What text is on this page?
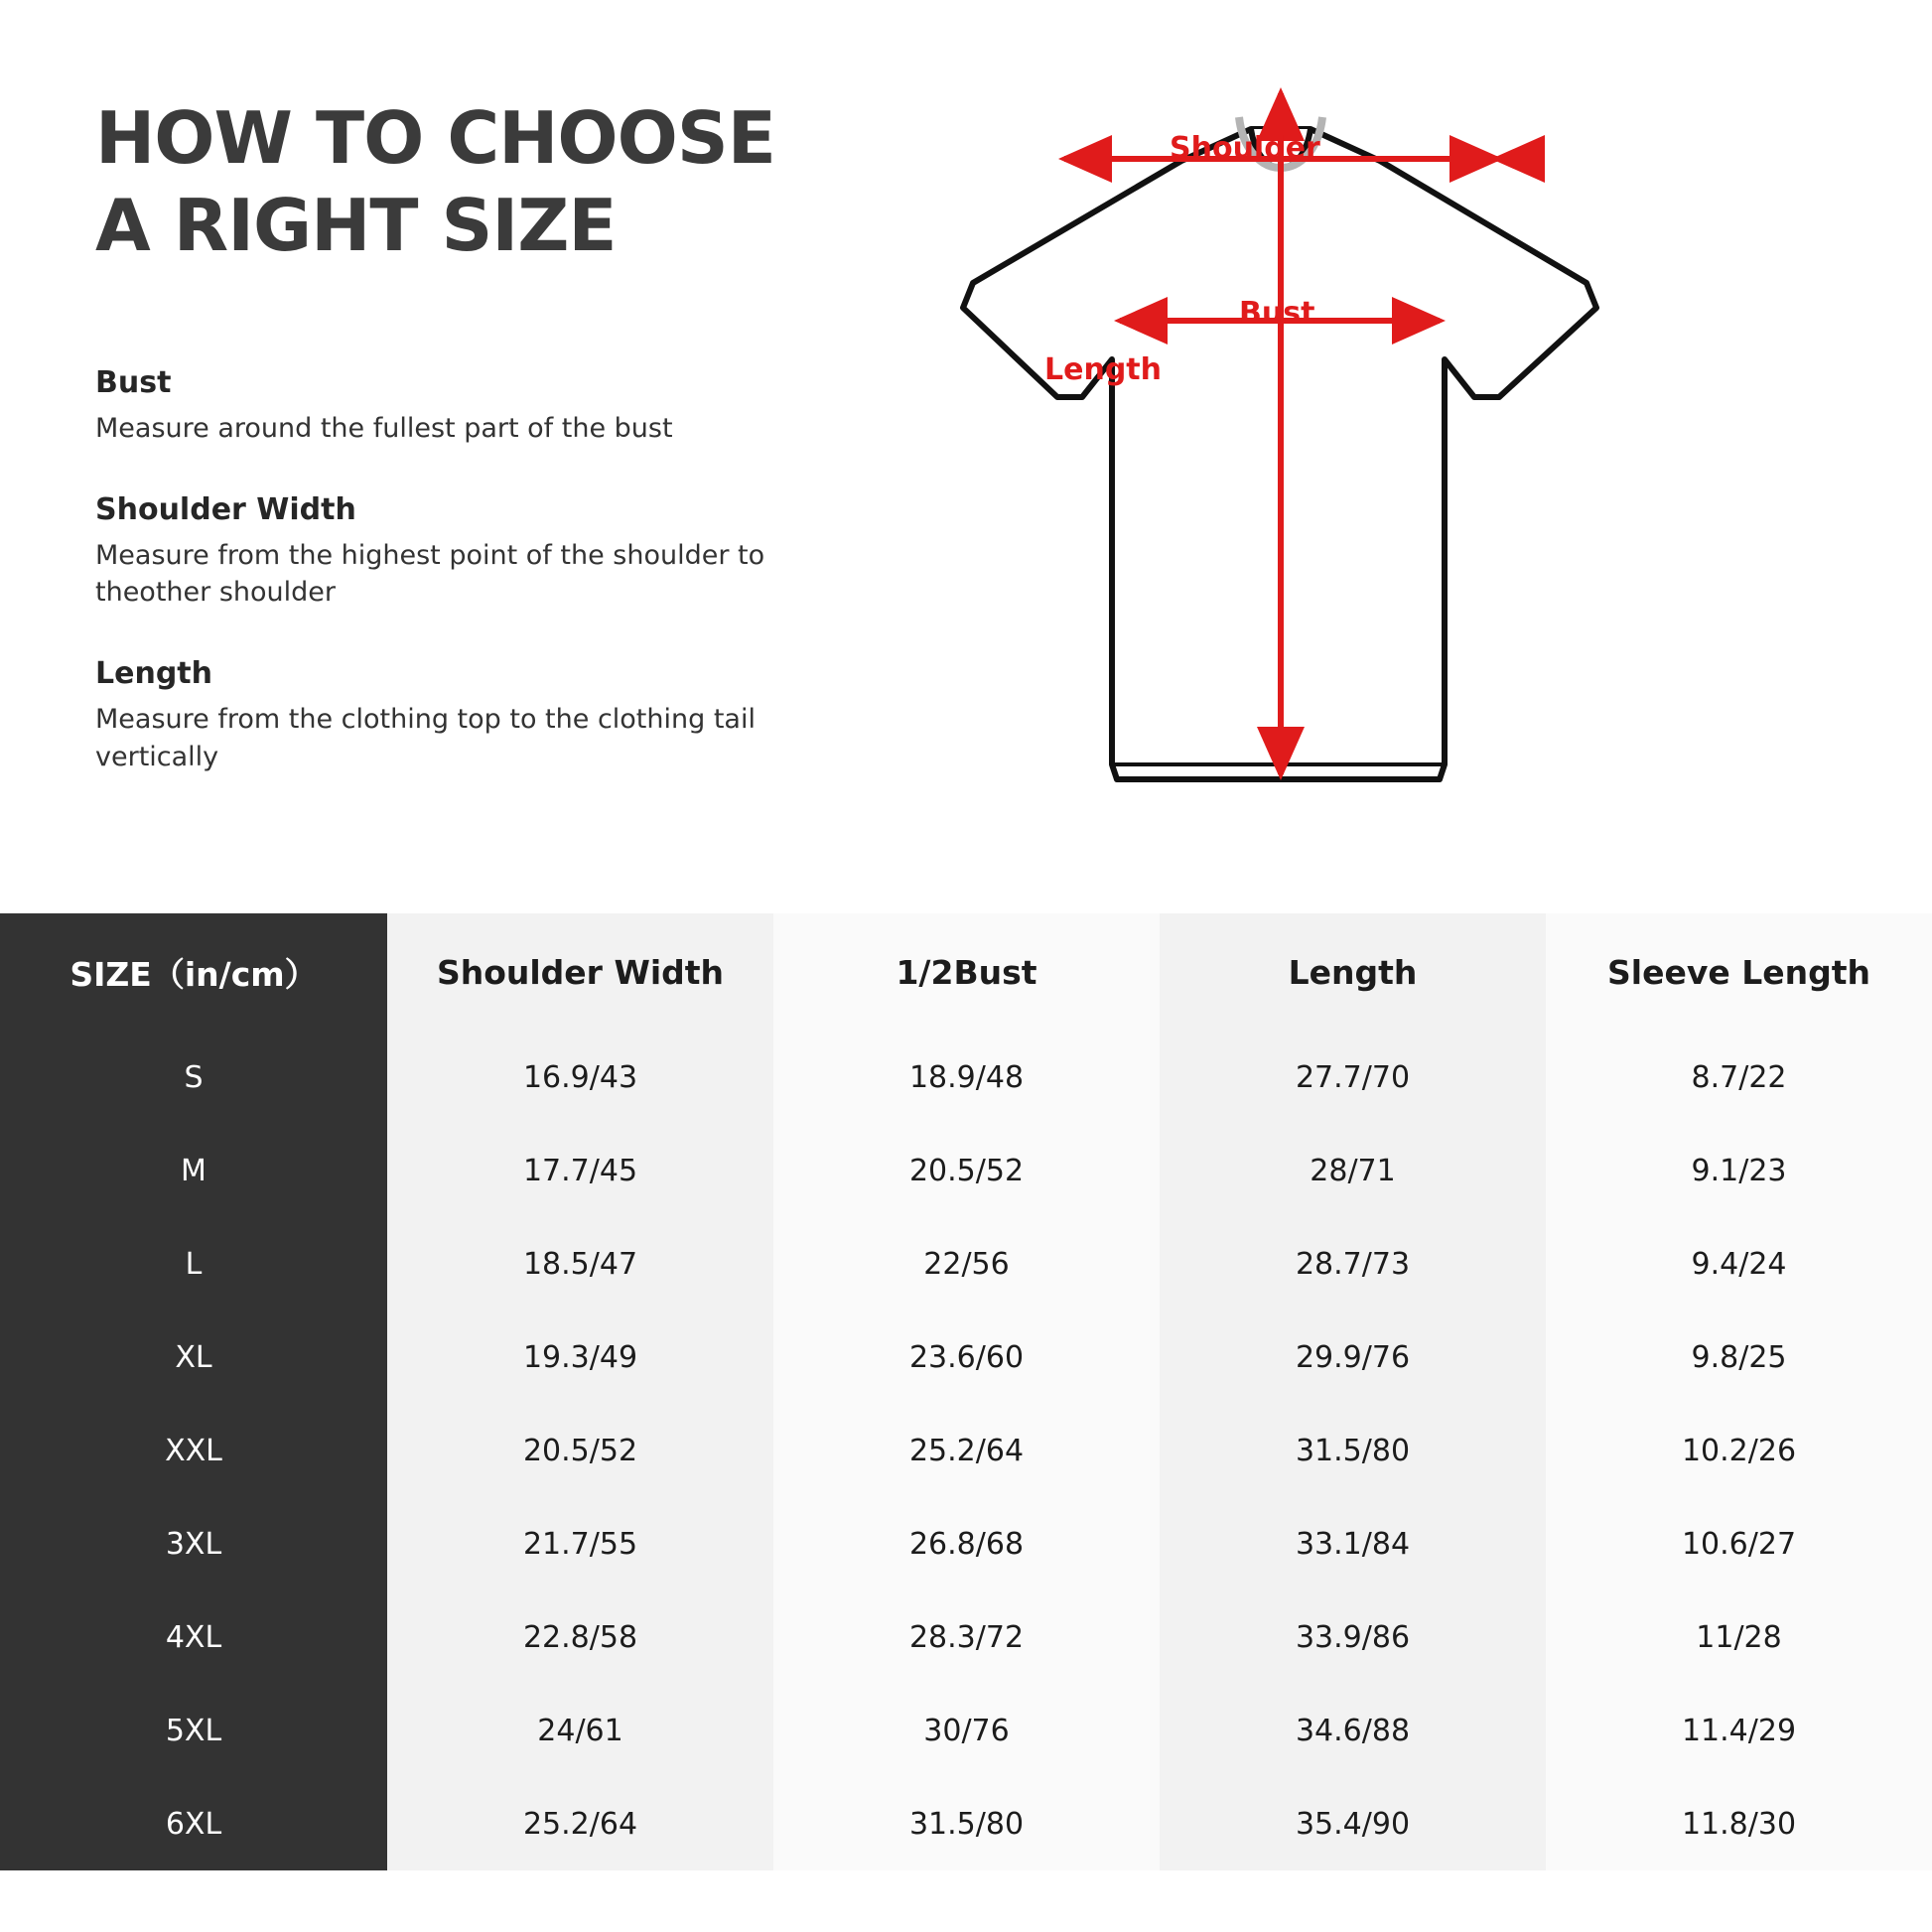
HOW TO CHOOSE
A RIGHT SIZE
Bust
Measure around the fullest part of the bust
Shoulder Width
Measure from the highest point of the shoulder to theother shoulder
Length
Measure from the clothing top to the clothing tail vertically
Shoulder
Bust
Length
SIZE（in/cm）	Shoulder Width	1/2Bust	Length	Sleeve Length
S	16.9/43	18.9/48	27.7/70	8.7/22
M	17.7/45	20.5/52	28/71	9.1/23
L	18.5/47	22/56	28.7/73	9.4/24
XL	19.3/49	23.6/60	29.9/76	9.8/25
XXL	20.5/52	25.2/64	31.5/80	10.2/26
3XL	21.7/55	26.8/68	33.1/84	10.6/27
4XL	22.8/58	28.3/72	33.9/86	11/28
5XL	24/61	30/76	34.6/88	11.4/29
6XL	25.2/64	31.5/80	35.4/90	11.8/30
